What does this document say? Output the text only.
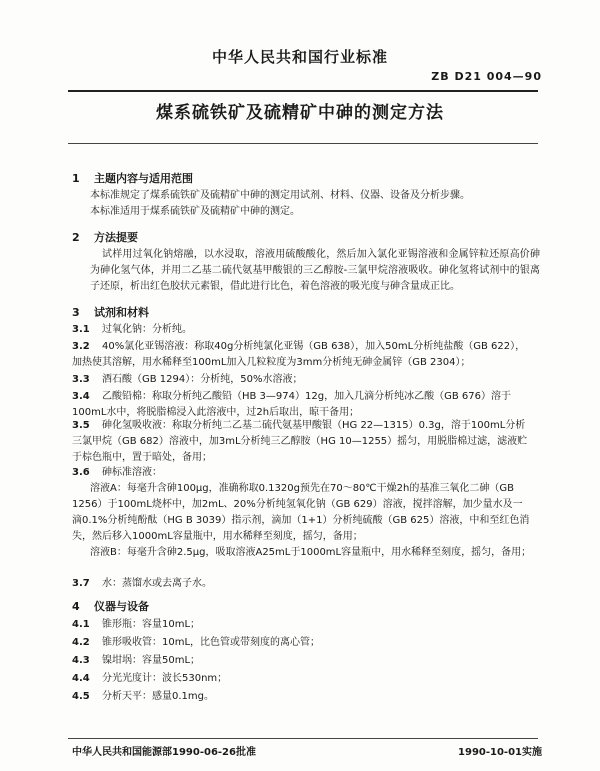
中华人民共和国行业标准
ZB D21 004—90
煤系硫铁矿及硫精矿中砷的测定方法
1 主题内容与适用范围
本标准规定了煤系硫铁矿及硫精矿中砷的测定用试剂、材料、仪器、设备及分析步骤。
本标准适用于煤系硫铁矿及硫精矿中砷的测定。
2 方法提要
试样用过氧化钠熔融，以水浸取，溶液用硫酸酸化，然后加入氯化亚锡溶液和金属锌粒还原高价砷为砷化氢气体，并用二乙基二硫代氨基甲酸银的三乙醇胺-三氯甲烷溶液吸收。砷化氢将试剂中的银离子还原，析出红色胶状元素银，借此进行比色，着色溶液的吸光度与砷含量成正比。
3 试剂和材料
3.1 过氧化钠：分析纯。
3.2 40%氯化亚锡溶液：称取40g分析纯氯化亚锡（GB 638），加入50mL分析纯盐酸（GB 622），加热使其溶解，用水稀释至100mL加入几粒粒度为3mm分析纯无砷金属锌（GB 2304）；
3.3 酒石酸（GB 1294）：分析纯，50%水溶液；
3.4 乙酸铅棉：称取分析纯乙酸铅（HB 3—974）12g，加入几滴分析纯冰乙酸（GB 676）溶于100mL水中，将脱脂棉浸入此溶液中，过2h后取出，晾干备用；
3.5 砷化氢吸收液：称取分析纯二乙基二硫代氨基甲酸银（HG 22—1315）0.3g，溶于100mL分析三氯甲烷（GB 682）溶液中，加3mL分析纯三乙醇胺（HG 10—1255）摇匀，用脱脂棉过滤，滤液贮于棕色瓶中，置于暗处，备用；
3.6 砷标准溶液：
溶液A：每毫升含砷100μg，准确称取0.1320g预先在70～80℃干燥2h的基准三氧化二砷（GB 1256）于100mL烧杯中，加2mL、20%分析纯氢氧化钠（GB 629）溶液，搅拌溶解，加少量水及一滴0.1%分析纯酚酞（HG B 3039）指示剂，滴加（1+1）分析纯硫酸（GB 625）溶液，中和至红色消失，然后移入1000mL容量瓶中，用水稀释至刻度，摇匀，备用；
溶液B：每毫升含砷2.5μg，吸取溶液A25mL于1000mL容量瓶中，用水稀释至刻度，摇匀，备用；
3.7 水：蒸馏水或去离子水。
4 仪器与设备
4.1 锥形瓶：容量10mL；
4.2 锥形吸收管：10mL，比色管或带刻度的离心管；
4.3 镍坩埚：容量50mL；
4.4 分光光度计：波长530nm；
4.5 分析天平：感量0.1mg。
中华人民共和国能源部1990-06-26批准	1990-10-01实施
